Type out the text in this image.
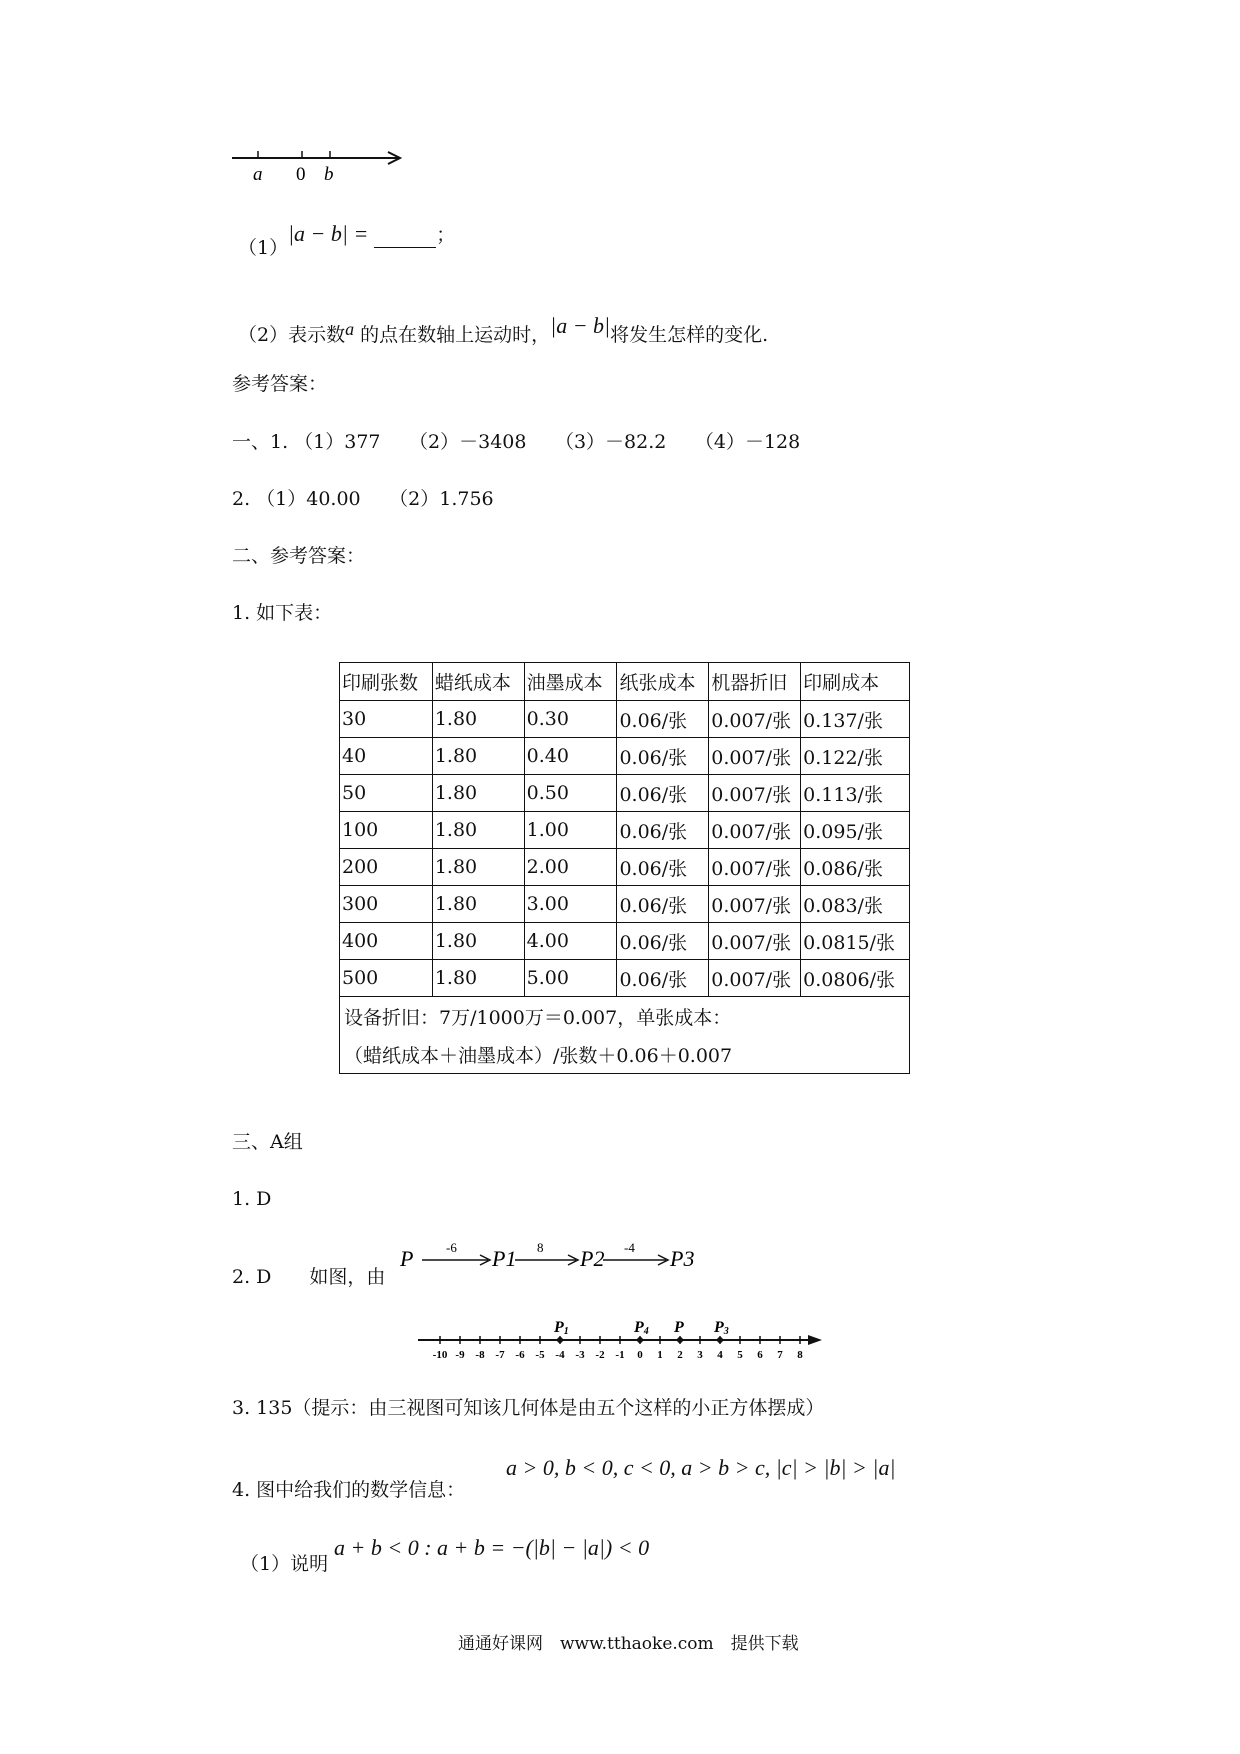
a 0 b
（1）
|a − b| =	；
（2）表示数a 的点在数轴上运动时，|a − b|将发生怎样的变化.
参考答案：
一、1. （1）377　　（2）－3408　　（3）－82.2　　（4）－128
2. （1）40.00　　（2）1.756
二、参考答案：
1. 如下表：
印刷张数	蜡纸成本	油墨成本	纸张成本	机器折旧	印刷成本
30	1.80	0.30	0.06/张	0.007/张	0.137/张
40	1.80	0.40	0.06/张	0.007/张	0.122/张
50	1.80	0.50	0.06/张	0.007/张	0.113/张
100	1.80	1.00	0.06/张	0.007/张	0.095/张
200	1.80	2.00	0.06/张	0.007/张	0.086/张
300	1.80	3.00	0.06/张	0.007/张	0.083/张
400	1.80	4.00	0.06/张	0.007/张	0.0815/张
500	1.80	5.00	0.06/张	0.007/张	0.0806/张
设备折旧：7万/1000万＝0.007，单张成本：					
（蜡纸成本＋油墨成本）/张数＋0.06＋0.007					
三、A组
1. D
2. D　　如图，由
P	-6 P1 8 P2 -4 P3
-10 -9 -8 -7 -6 -5 -4 -3 -2 -1 0 1 2 3 4 5 6 7 8
P1	P4 P P3
3. 135（提示：由三视图可知该几何体是由五个这样的小正方体摆成）
4. 图中给我们的数学信息：
a > 0, b < 0, c < 0, a > b > c, |c| > |b| > |a|
（1）说明
a + b < 0 : a + b = −(|b| − |a|) < 0
通通好课网　www.tthaoke.com　提供下载
